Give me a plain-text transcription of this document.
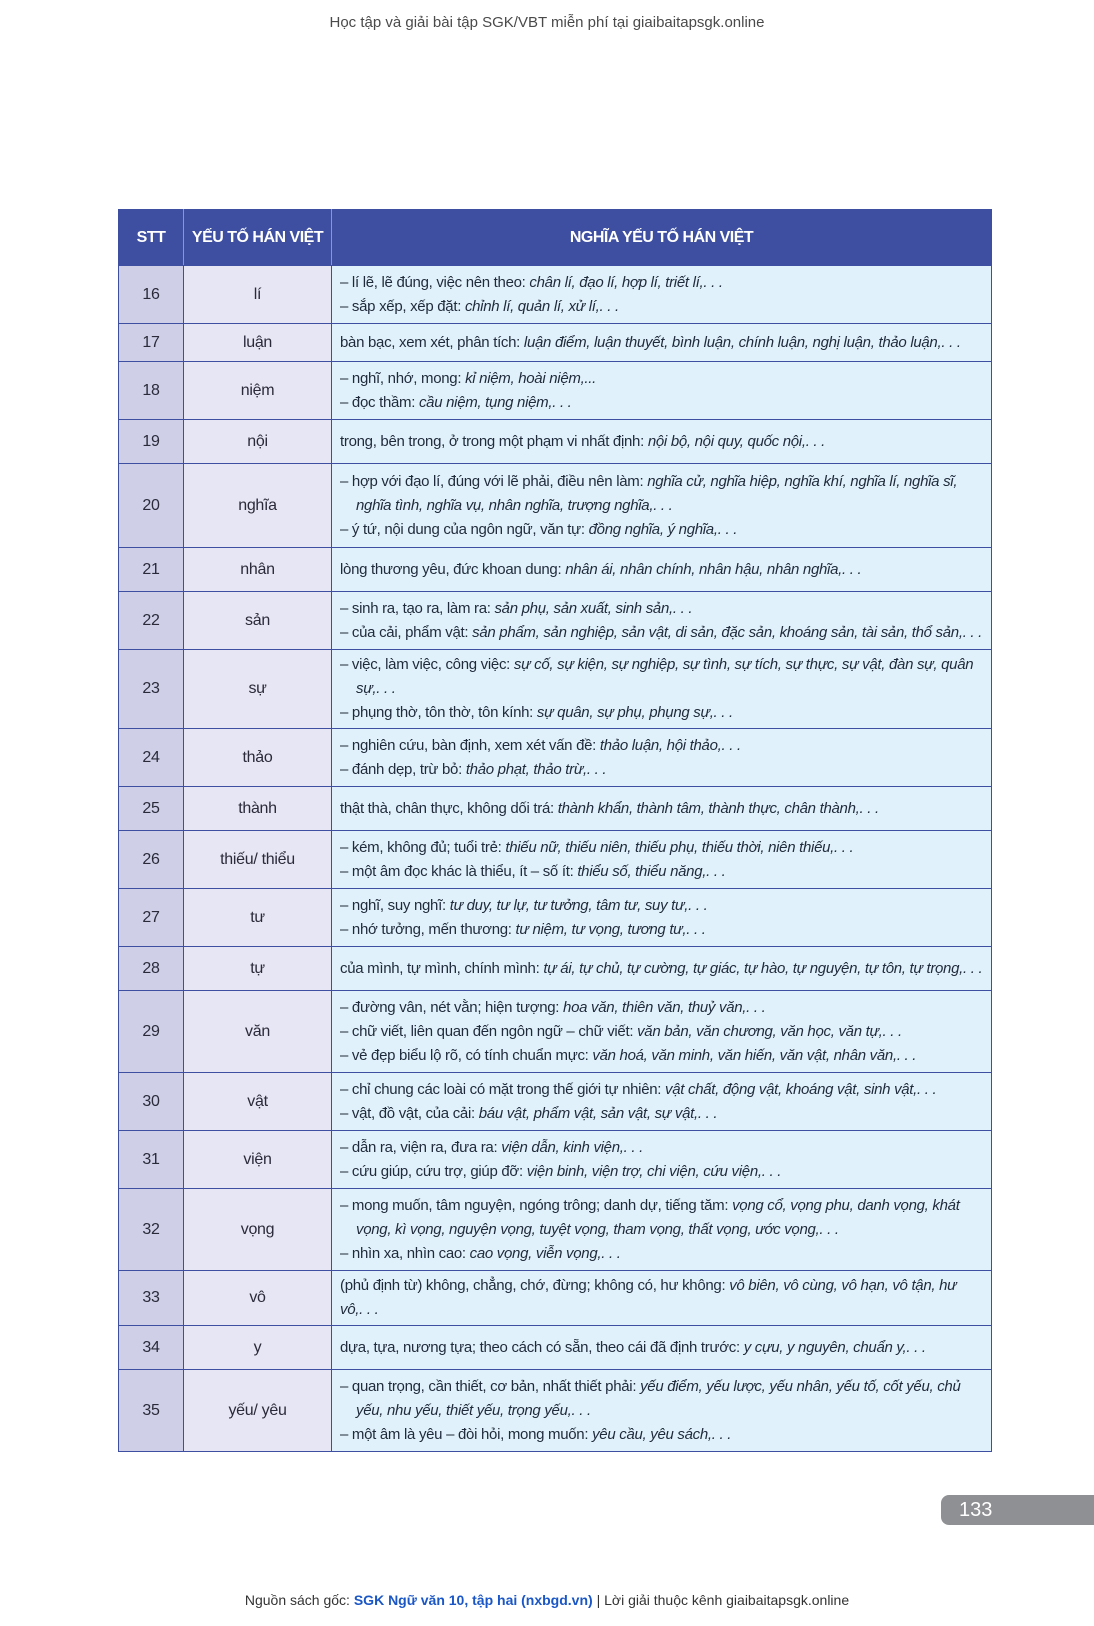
Học tập và giải bài tập SGK/VBT miễn phí tại giaibaitapsgk.online
STT	YẾU TỐ HÁN VIỆT	NGHĨA YẾU TỐ HÁN VIỆT
16	lí	– lí lẽ, lẽ đúng, việc nên theo: chân lí, đạo lí, hợp lí, triết lí,. . .
– sắp xếp, xếp đặt: chỉnh lí, quản lí, xử lí,. . .

17	luận	bàn bạc, xem xét, phân tích: luận điểm, luận thuyết, bình luận, chính luận, nghị luận, thảo luận,. . .

18	niệm	– nghĩ, nhớ, mong: kỉ niệm, hoài niệm,...
– đọc thầm: cầu niệm, tụng niệm,. . .

19	nội	trong, bên trong, ở trong một phạm vi nhất định: nội bộ, nội quy, quốc nội,. . .

20	nghĩa	– hợp với đạo lí, đúng với lẽ phải, điều nên làm: nghĩa cử, nghĩa hiệp, nghĩa khí, nghĩa lí, nghĩa sĩ, nghĩa tình, nghĩa vụ, nhân nghĩa, trượng nghĩa,. . .
– ý tứ, nội dung của ngôn ngữ, văn tự: đồng nghĩa, ý nghĩa,. . .

21	nhân	lòng thương yêu, đức khoan dung: nhân ái, nhân chính, nhân hậu, nhân nghĩa,. . .

22	sản	– sinh ra, tạo ra, làm ra: sản phụ, sản xuất, sinh sản,. . .
– của cải, phẩm vật: sản phẩm, sản nghiệp, sản vật, di sản, đặc sản, khoáng sản, tài sản, thổ sản,. . .

23	sự	– việc, làm việc, công việc: sự cố, sự kiện, sự nghiệp, sự tình, sự tích, sự thực, sự vật, đàn sự, quân sự,. . .
– phụng thờ, tôn thờ, tôn kính: sự quân, sự phụ, phụng sự,. . .

24	thảo	– nghiên cứu, bàn định, xem xét vấn đề: thảo luận, hội thảo,. . .
– đánh dẹp, trừ bỏ: thảo phạt, thảo trừ,. . .

25	thành	thật thà, chân thực, không dối trá: thành khẩn, thành tâm, thành thực, chân thành,. . .

26	thiếu/ thiểu	– kém, không đủ; tuổi trẻ: thiếu nữ, thiếu niên, thiếu phụ, thiếu thời, niên thiếu,. . .
– một âm đọc khác là thiểu, ít – số ít: thiểu số, thiểu năng,. . .

27	tư	– nghĩ, suy nghĩ: tư duy, tư lự, tư tưởng, tâm tư, suy tư,. . .
– nhớ tưởng, mến thương: tư niệm, tư vọng, tương tư,. . .

28	tự	của mình, tự mình, chính mình: tự ái, tự chủ, tự cường, tự giác, tự hào, tự nguyện, tự tôn, tự trọng,. . .

29	văn	– đường vân, nét vằn; hiện tượng: hoa văn, thiên văn, thuỷ văn,. . .
– chữ viết, liên quan đến ngôn ngữ – chữ viết: văn bản, văn chương, văn học, văn tự,. . .
– vẻ đẹp biểu lộ rõ, có tính chuẩn mực: văn hoá, văn minh, văn hiến, văn vật, nhân văn,. . .

30	vật	– chỉ chung các loài có mặt trong thế giới tự nhiên: vật chất, động vật, khoáng vật, sinh vật,. . .
– vật, đồ vật, của cải: báu vật, phẩm vật, sản vật, sự vật,. . .

31	viện	– dẫn ra, viện ra, đưa ra: viện dẫn, kinh viện,. . .
– cứu giúp, cứu trợ, giúp đỡ: viện binh, viện trợ, chi viện, cứu viện,. . .

32	vọng	– mong muốn, tâm nguyện, ngóng trông; danh dự, tiếng tăm: vọng cổ, vọng phu, danh vọng, khát vọng, kì vọng, nguyện vọng, tuyệt vọng, tham vọng, thất vọng, ước vọng,. . .
– nhìn xa, nhìn cao: cao vọng, viễn vọng,. . .

33	vô	(phủ định từ) không, chẳng, chớ, đừng; không có, hư không: vô biên, vô cùng, vô hạn, vô tận, hư vô,. . .

34	y	dựa, tựa, nương tựa; theo cách có sẵn, theo cái đã định trước: y cựu, y nguyên, chuẩn y,. . .

35	yếu/ yêu	– quan trọng, cần thiết, cơ bản, nhất thiết phải: yếu điểm, yếu lược, yếu nhân, yếu tố, cốt yếu, chủ yếu, nhu yếu, thiết yếu, trọng yếu,. . .
– một âm là yêu – đòi hỏi, mong muốn: yêu cầu, yêu sách,. . .
133
Nguồn sách gốc: SGK Ngữ văn 10, tập hai (nxbgd.vn) | Lời giải thuộc kênh giaibaitapsgk.online
